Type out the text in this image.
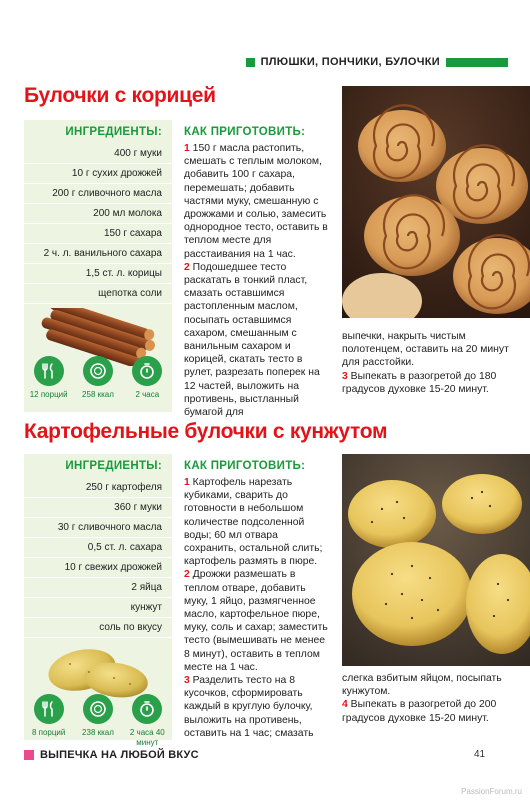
ПЛЮШКИ, ПОНЧИКИ, БУЛОЧКИ
Булочки с корицей
ИНГРЕДИЕНТЫ:
400 г муки
10 г сухих дрожжей
200 г сливочного масла
200 мл молока
150 г сахара
2 ч. л. ванильного сахара
1,5 ст. л. корицы
щепотка соли
12 порций 258 ккал	2 часа
КАК ПРИГОТОВИТЬ:

1 150 г масла растопить, смешать с теплым молоком, добавить 100 г сахара, перемешать; добавить частями муку, смешанную с дрожжами и солью, замесить однородное тесто, оставить в теплом месте для расстаивания на 1 час.

2 Подошедшее тесто раскатать в тонкий пласт, смазать оставшимся растопленным маслом, посыпать оставшимся сахаром, смешанным с ванильным сахаром и корицей, скатать тесто в рулет, разрезать поперек на 12 частей, выложить на противень, выстланный бумагой для

выпечки, накрыть чистым полотенцем, оставить на 20 минут для расстойки.

3 Выпекать в разогретой до 180 градусов духовке 15-20 минут.

Картофельные булочки с кунжутом
ИНГРЕДИЕНТЫ:
250 г картофеля
360 г муки
30 г сливочного масла
0,5 ст. л. сахара
10 г свежих дрожжей
2 яйца
кунжут
соль по вкусу
8 порций 238 ккал	2 часа 40 минут
КАК ПРИГОТОВИТЬ:

1 Картофель нарезать кубиками, сварить до готовности в небольшом количестве подсоленной воды; 60 мл отвара сохранить, остальной слить; картофель размять в пюре.

2 Дрожжи размешать в теплом отваре, добавить муку, 1 яйцо, размягченное масло, картофельное пюре, муку, соль и сахар; заместить тесто (вымешивать не менее 8 минут), оставить в теплом месте на 1 час.

3 Разделить тесто на 8 кусочков, сформировать каждый в круглую булочку, выложить на противень, оставить на 1 час; смазать

слегка взбитым яйцом, посыпать кунжутом.

4 Выпекать в разогретой до 200 градусов духовке 15-20 минут.

ВЫПЕЧКА НА ЛЮБОЙ ВКУС	41
PassionForum.ru
